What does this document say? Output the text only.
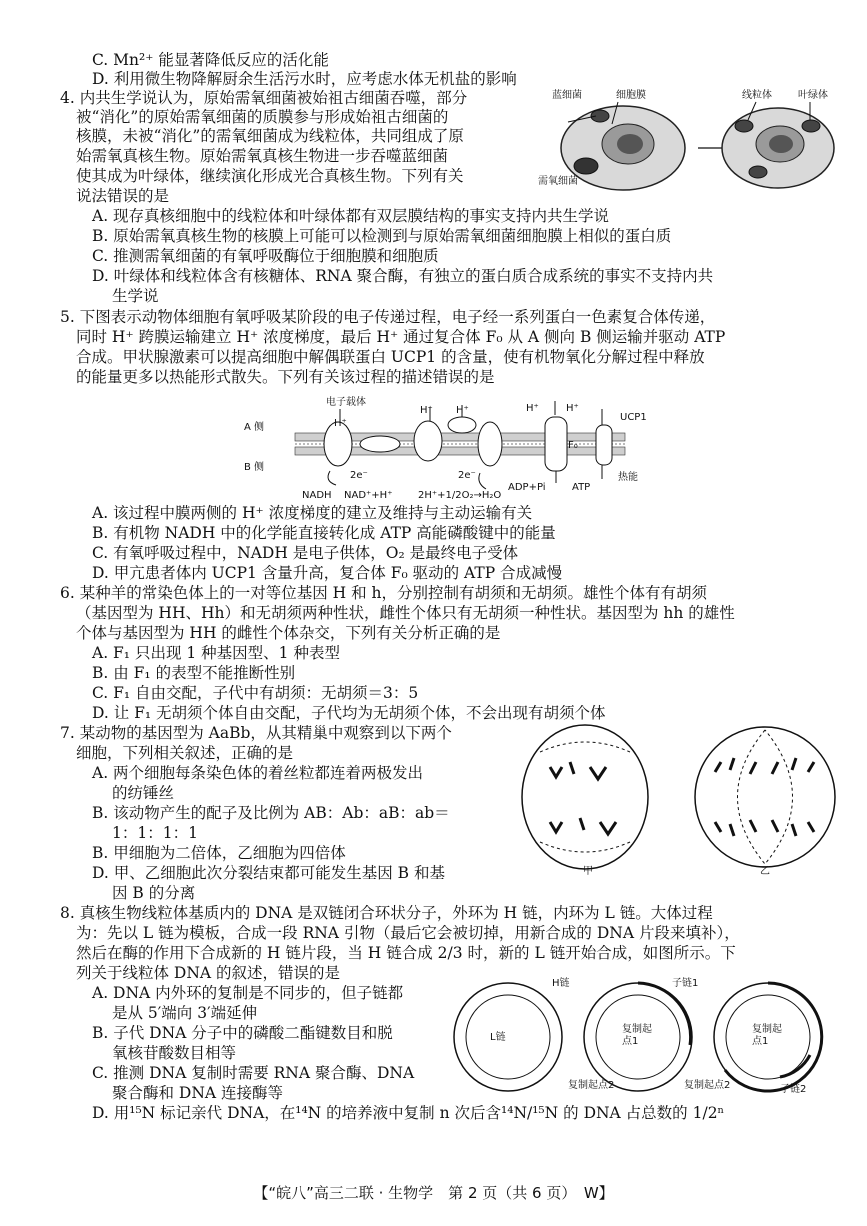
C. Mn²⁺ 能显著降低反应的活化能
D. 利用微生物降解厨余生活污水时，应考虑水体无机盐的影响
4. 内共生学说认为，原始需氧细菌被始祖古细菌吞噬，部分
被“消化”的原始需氧细菌的质膜参与形成始祖古细菌的
核膜，未被“消化”的需氧细菌成为线粒体，共同组成了原
始需氧真核生物。原始需氧真核生物进一步吞噬蓝细菌
使其成为叶绿体，继续演化形成光合真核生物。下列有关
说法错误的是
A. 现存真核细胞中的线粒体和叶绿体都有双层膜结构的事实支持内共生学说
B. 原始需氧真核生物的核膜上可能可以检测到与原始需氧细菌细胞膜上相似的蛋白质
C. 推测需氧细菌的有氧呼吸酶位于细胞膜和细胞质
D. 叶绿体和线粒体含有核糖体、RNA 聚合酶，有独立的蛋白质合成系统的事实不支持内共
生学说
5. 下图表示动物体细胞有氧呼吸某阶段的电子传递过程，电子经一系列蛋白一色素复合体传递，
同时 H⁺ 跨膜运输建立 H⁺ 浓度梯度，最后 H⁺ 通过复合体 F₀ 从 A 侧向 B 侧运输并驱动 ATP
合成。甲状腺激素可以提高细胞中解偶联蛋白 UCP1 的含量，使有机物氧化分解过程中释放
的能量更多以热能形式散失。下列有关该过程的描述错误的是
A. 该过程中膜两侧的 H⁺ 浓度梯度的建立及维持与主动运输有关
B. 有机物 NADH 中的化学能直接转化成 ATP 高能磷酸键中的能量
C. 有氧呼吸过程中，NADH 是电子供体，O₂ 是最终电子受体
D. 甲亢患者体内 UCP1 含量升高，复合体 F₀ 驱动的 ATP 合成减慢
6. 某种羊的常染色体上的一对等位基因 H 和 h，分别控制有胡须和无胡须。雄性个体有有胡须
（基因型为 HH、Hh）和无胡须两种性状，雌性个体只有无胡须一种性状。基因型为 hh 的雄性
个体与基因型为 HH 的雌性个体杂交，下列有关分析正确的是
A. F₁ 只出现 1 种基因型、1 种表型
B. 由 F₁ 的表型不能推断性别
C. F₁ 自由交配，子代中有胡须：无胡须＝3：5
D. 让 F₁ 无胡须个体自由交配，子代均为无胡须个体，不会出现有胡须个体
7. 某动物的基因型为 AaBb，从其精巢中观察到以下两个
细胞，下列相关叙述，正确的是
A. 两个细胞每条染色体的着丝粒都连着两极发出
的纺锤丝
B. 该动物产生的配子及比例为 AB：Ab：aB：ab＝
1：1：1：1
B. 甲细胞为二倍体，乙细胞为四倍体
D. 甲、乙细胞此次分裂结束都可能发生基因 B 和基
因 B 的分离
8. 真核生物线粒体基质内的 DNA 是双链闭合环状分子，外环为 H 链，内环为 L 链。大体过程
为：先以 L 链为模板，合成一段 RNA 引物（最后它会被切掉，用新合成的 DNA 片段来填补），
然后在酶的作用下合成新的 H 链片段，当 H 链合成 2/3 时，新的 L 链开始合成，如图所示。下
列关于线粒体 DNA 的叙述，错误的是
A. DNA 内外环的复制是不同步的，但子链都
是从 5′端向 3′端延伸
B. 子代 DNA 分子中的磷酸二酯键数目和脱
氧核苷酸数目相等
C. 推测 DNA 复制时需要 RNA 聚合酶、DNA
聚合酶和 DNA 连接酶等
D. 用¹⁵N 标记亲代 DNA，在¹⁴N 的培养液中复制 n 次后含¹⁴N/¹⁵N 的 DNA 占总数的 1/2ⁿ
蓝细菌	细胞膜
需氧细菌
线粒体	叶绿体
A 侧
B 侧
电子载体
UCP1
热能
NADH NAD⁺+H⁺	2H⁺+1/2O₂→H₂O
ADP+Pi	ATP
H⁺
H⁺ H⁺	H⁺	H⁺
2e⁻	2e⁻
F₀
甲	乙
L链
H链	子链1
复制起点1
复制起点1
复制起点2	复制起点2	子链2
【“皖八”高三二联 · 生物学　第 2 页（共 6 页）　W】
